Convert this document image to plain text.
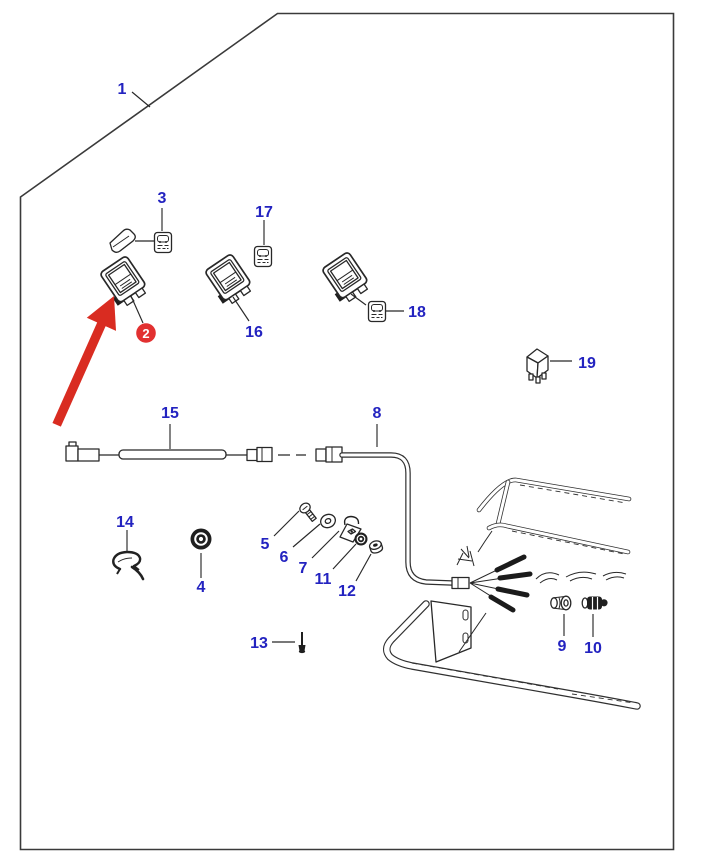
2
1
3
17
16
18
19
15	8
14
4
5
6
7
11
12
13	9 10
